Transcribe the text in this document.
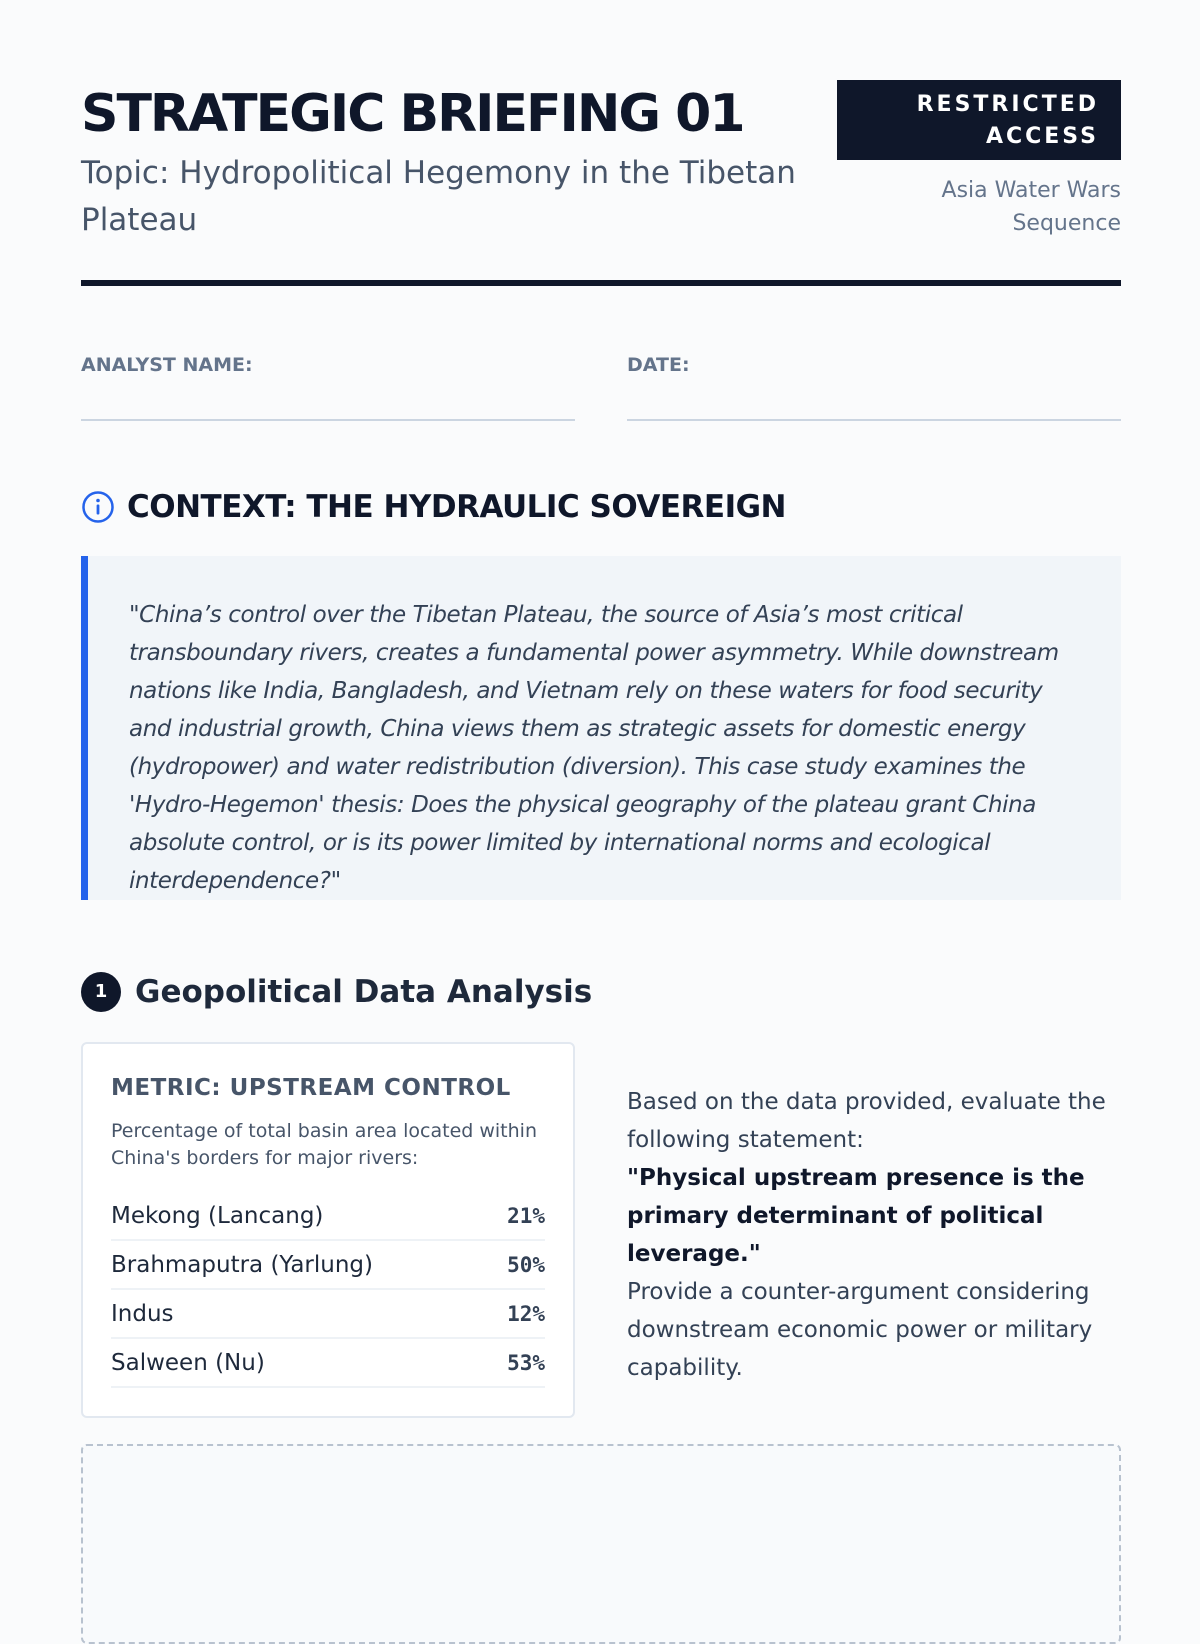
STRATEGIC BRIEFING 01

Topic: Hydropolitical Hegemony in the Tibetan Plateau

RESTRICTED ACCESS
Asia Water Wars Sequence
ANALYST NAME:	DATE:
CONTEXT: THE HYDRAULIC SOVEREIGN

"China’s control over the Tibetan Plateau, the source of Asia’s most critical transboundary rivers, creates a fundamental power asymmetry. While downstream nations like India, Bangladesh, and Vietnam rely on these waters for food security and industrial growth, China views them as strategic assets for domestic energy (hydropower) and water redistribution (diversion). This case study examines the 'Hydro-Hegemon' thesis: Does the physical geography of the plateau grant China absolute control, or is its power limited by international norms and ecological interdependence?"

1 Geopolitical Data Analysis
METRIC: UPSTREAM CONTROL

Percentage of total basin area located within China's borders for major rivers:

Mekong (Lancang)	21%
Brahmaputra (Yarlung)	50%
Indus	12%
Salween (Nu)	53%

Based on the data provided, evaluate the following statement:
"Physical upstream presence is the primary determinant of political leverage."
Provide a counter-argument considering downstream economic power or military capability.
